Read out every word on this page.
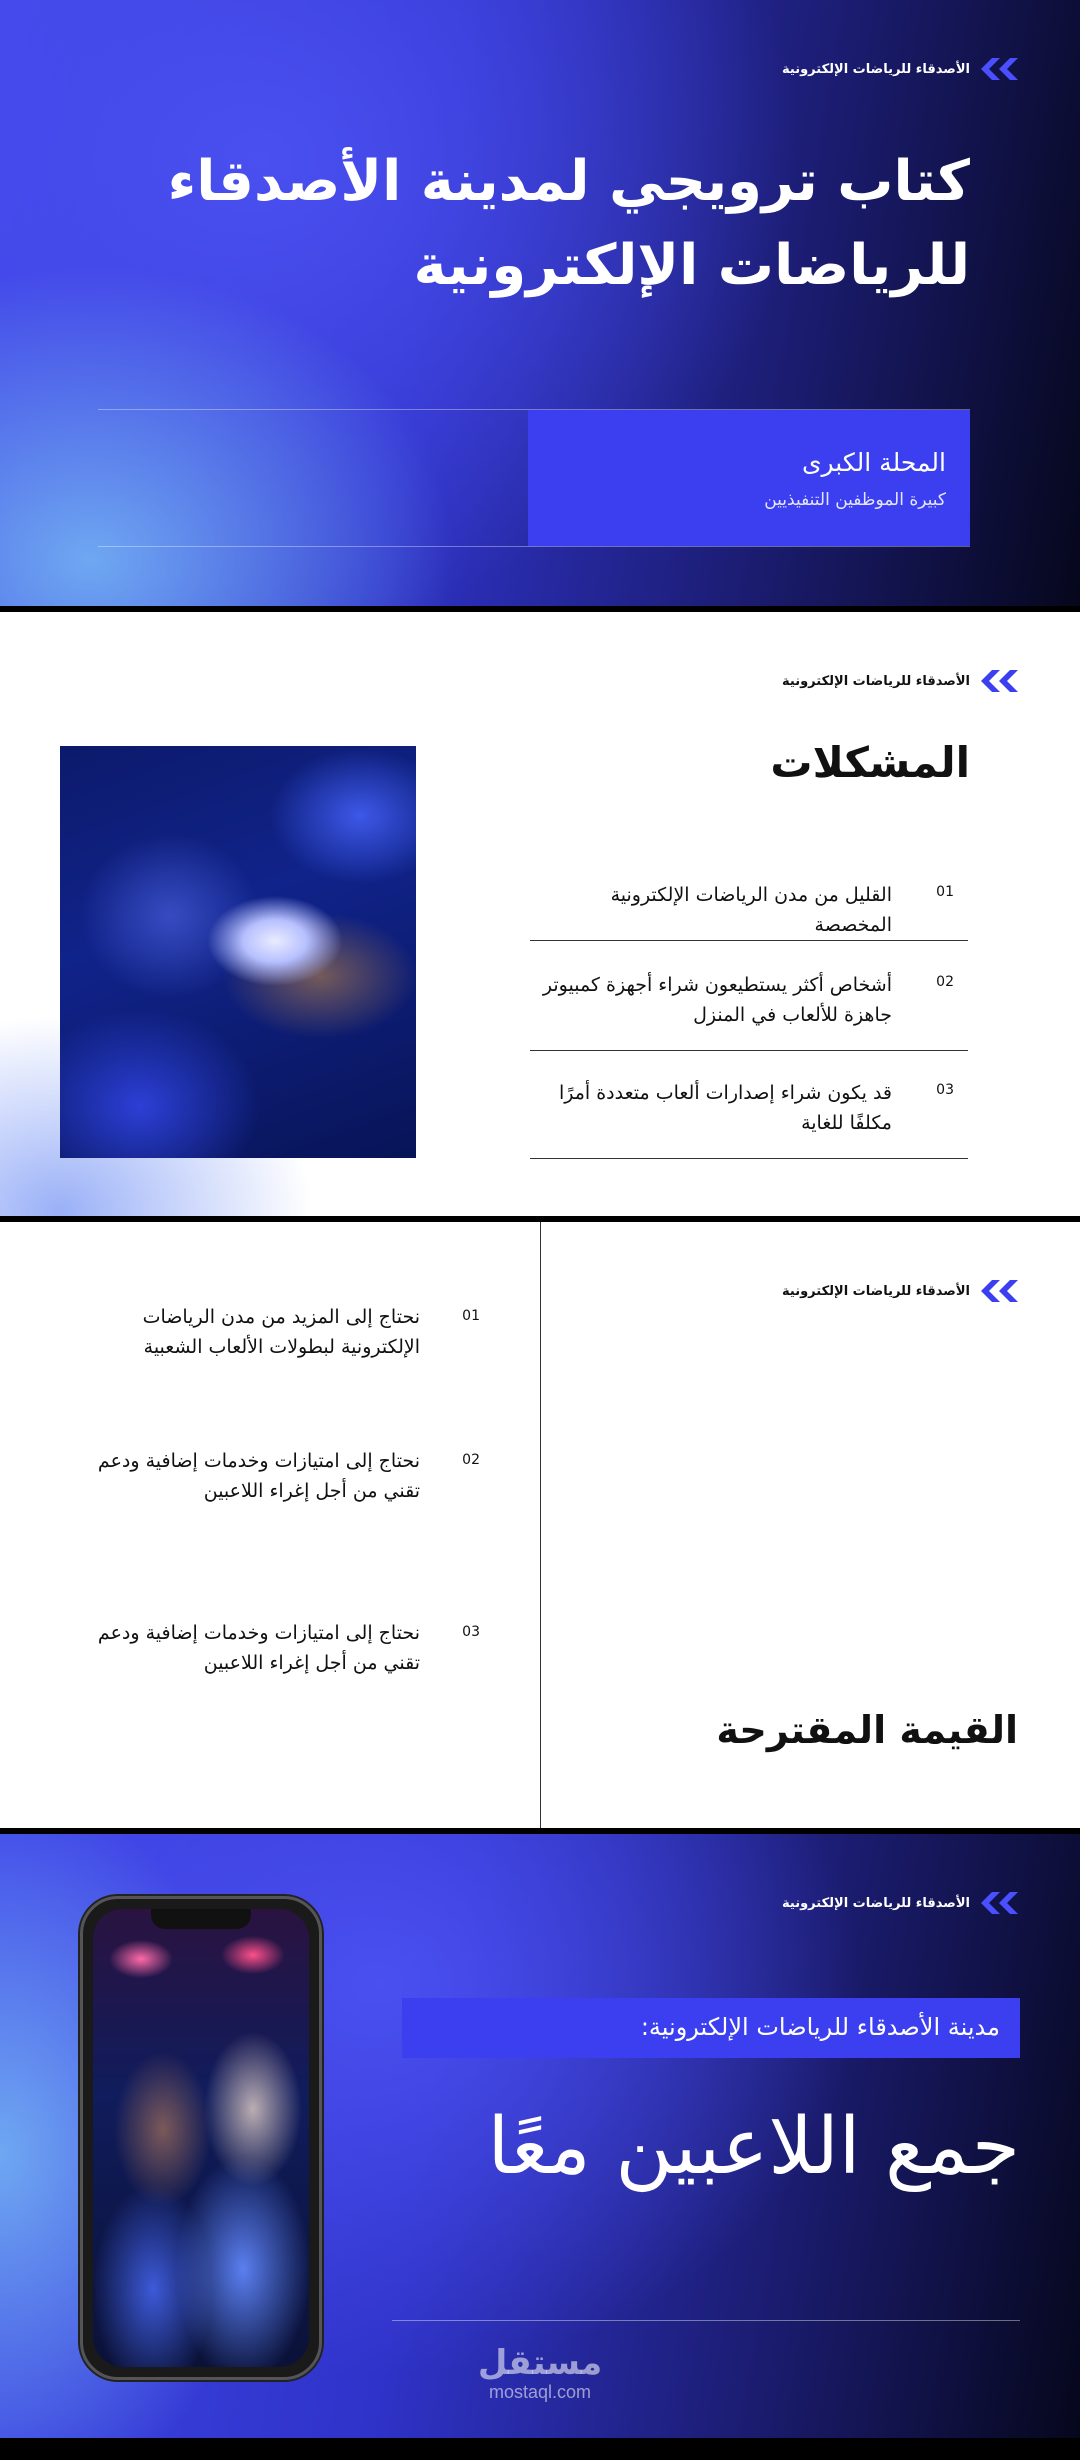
الأصدقاء للرياضات الإلكترونية
كتاب ترويجي لمدينة الأصدقاء
للرياضات الإلكترونية
المحلة الكبرى
كبيرة الموظفين التنفيذيين
الأصدقاء للرياضات الإلكترونية
المشكلات
01
القليل من مدن الرياضات الإلكترونية المخصصة
02
أشخاص أكثر يستطيعون شراء أجهزة كمبيوتر جاهزة للألعاب في المنزل
03
قد يكون شراء إصدارات ألعاب متعددة أمرًا مكلفًا للغاية
الأصدقاء للرياضات الإلكترونية
01
نحتاج إلى المزيد من مدن الرياضات الإلكترونية لبطولات الألعاب الشعبية
02
نحتاج إلى امتيازات وخدمات إضافية ودعم تقني من أجل إغراء اللاعبين
03
نحتاج إلى امتيازات وخدمات إضافية ودعم تقني من أجل إغراء اللاعبين
القيمة المقترحة
الأصدقاء للرياضات الإلكترونية
مدينة الأصدقاء للرياضات الإلكترونية:
جمع اللاعبين معًا
مستقل
mostaql.com
